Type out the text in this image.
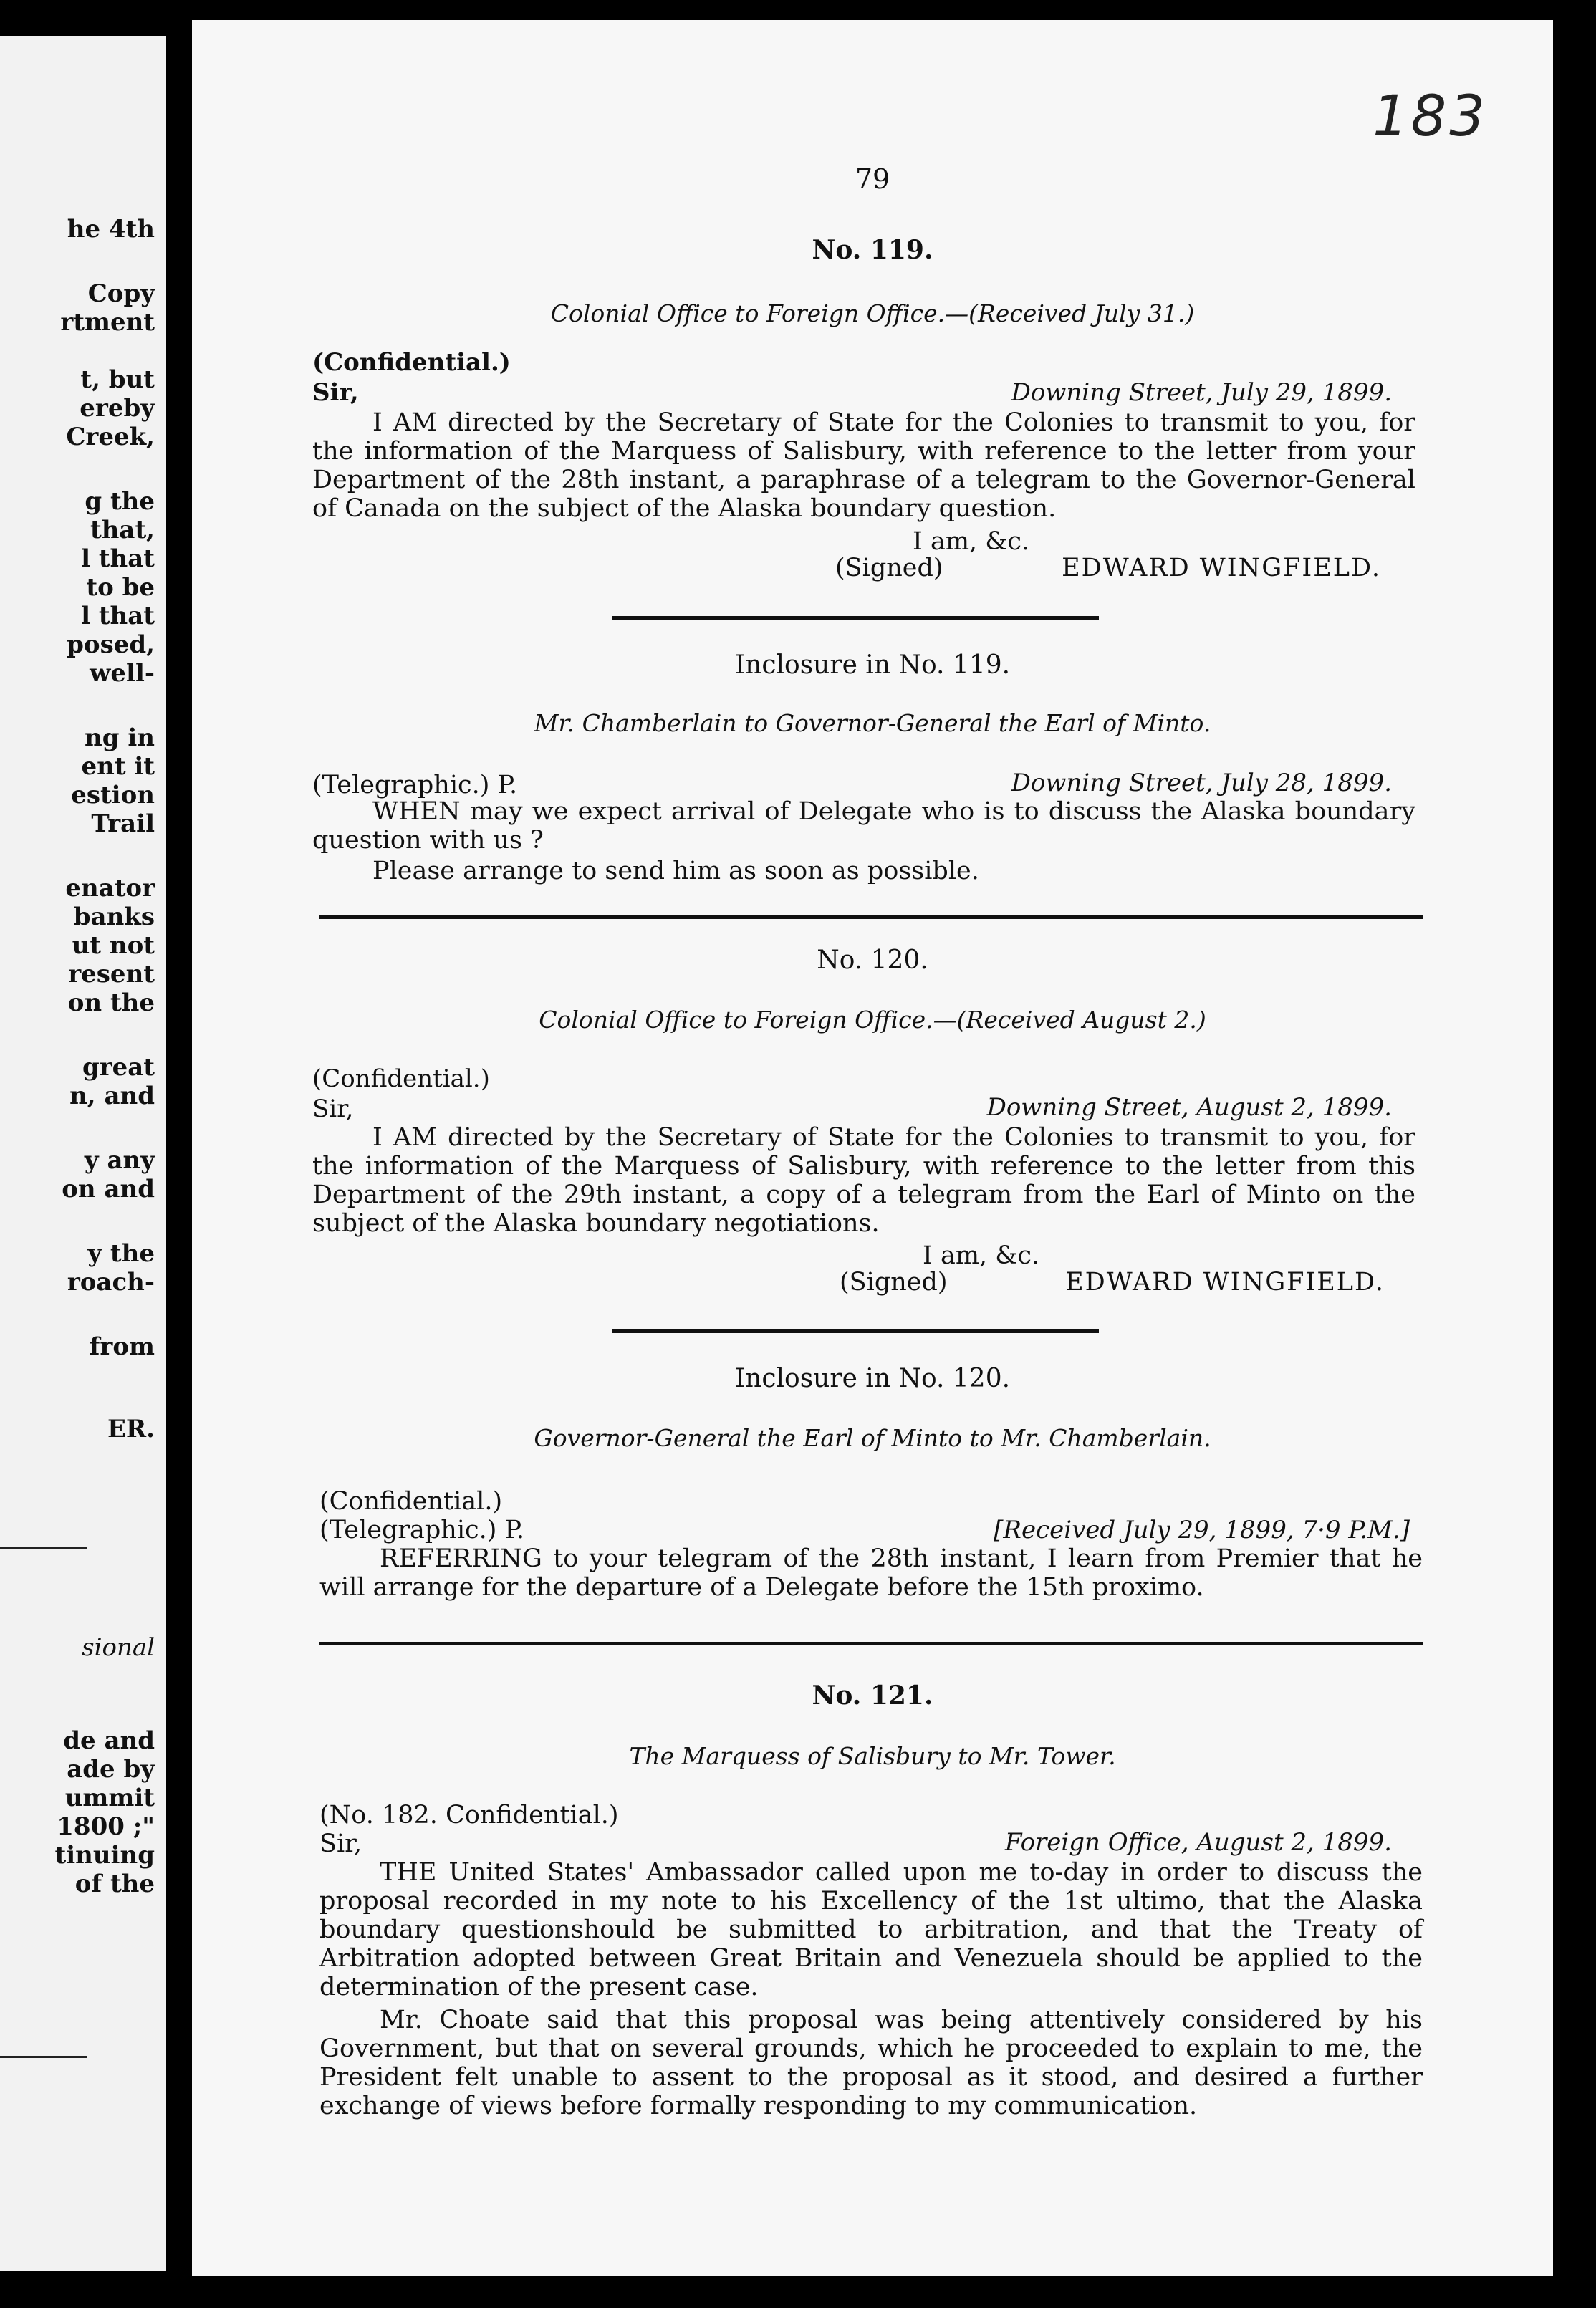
he 4th
Copy
rtment
t, but
ereby
Creek,
g the
that,
l that
to be
l that
posed,
well-
ng in
ent it
estion
Trail
enator
banks
ut not
resent
on the
great
n, and
y any
on and
y the
roach-
from
ER.
sional
de and
ade by
ummit
1800 ;"
tinuing
of the
183
79
No. 119.
Colonial Office to Foreign Office.—(Received July 31.)
(Confidential.)
Sir,	Downing Street, July 29, 1899.
I AM directed by the Secretary of State for the Colonies to transmit to you, for the information of the Marquess of Salisbury, with reference to the letter from your Department of the 28th instant, a paraphrase of a telegram to the Governor-General of Canada on the subject of the Alaska boundary question.
I am, &c.
(Signed)	EDWARD WINGFIELD.
Inclosure in No. 119.
Mr. Chamberlain to Governor-General the Earl of Minto.
(Telegraphic.) P.	Downing Street, July 28, 1899.
WHEN may we expect arrival of Delegate who is to discuss the Alaska boundary question with us ?
Please arrange to send him as soon as possible.
No. 120.
Colonial Office to Foreign Office.—(Received August 2.)
(Confidential.)
Sir,	Downing Street, August 2, 1899.
I AM directed by the Secretary of State for the Colonies to transmit to you, for the information of the Marquess of Salisbury, with reference to the letter from this Department of the 29th instant, a copy of a telegram from the Earl of Minto on the subject of the Alaska boundary negotiations.
I am, &c.
(Signed)	EDWARD WINGFIELD.
Inclosure in No. 120.
Governor-General the Earl of Minto to Mr. Chamberlain.
(Confidential.)
(Telegraphic.) P.	[Received July 29, 1899, 7·9 P.M.]
REFERRING to your telegram of the 28th instant, I learn from Premier that he will arrange for the departure of a Delegate before the 15th proximo.
No. 121.
The Marquess of Salisbury to Mr. Tower.
(No. 182. Confidential.)
Sir,	Foreign Office, August 2, 1899.
THE United States' Ambassador called upon me to-day in order to discuss the proposal recorded in my note to his Excellency of the 1st ultimo, that the Alaska boundary questionshould be submitted to arbitration, and that the Treaty of Arbitration adopted between Great Britain and Venezuela should be applied to the determination of the present case.
Mr. Choate said that this proposal was being attentively considered by his Government, but that on several grounds, which he proceeded to explain to me, the President felt unable to assent to the proposal as it stood, and desired a further exchange of views before formally responding to my communication.
